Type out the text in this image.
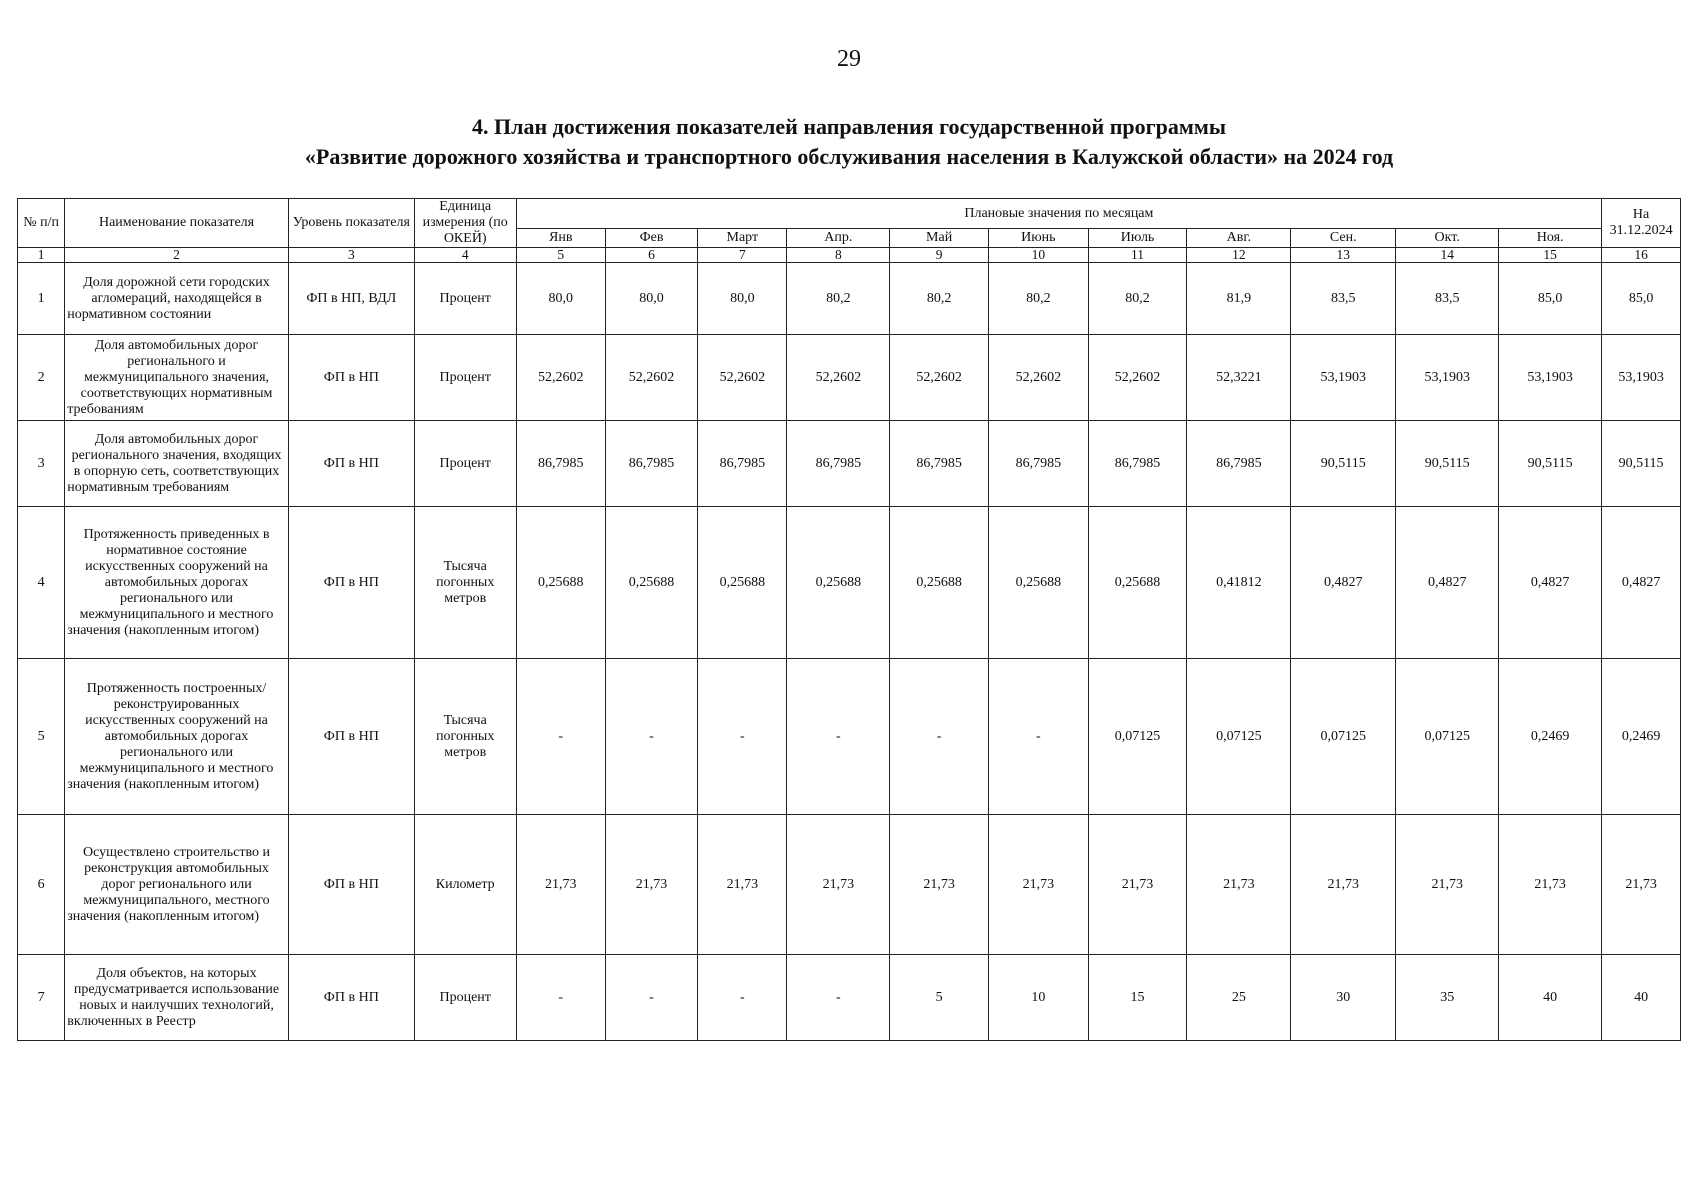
29
4. План достижения показателей направления государственной программы
«Развитие дорожного хозяйства и транспортного обслуживания населения в Калужской области» на 2024 год
№ п/п	Наименование показателя	Уровень показателя	Единица измерения (по ОКЕЙ)	Плановые значения по месяцам											На 31.12.2024
				Янв	Фев	Март	Апр.	Май	Июнь	Июль	Авг.	Сен.	Окт.	Ноя.	
1	2	3	4	5	6	7	8	9	10	11	12	13	14	15	16
1	Доля дорожной сети городских агломераций, находящейся в нормативном состоянии	ФП в НП, ВДЛ	Процент	80,0	80,0	80,0	80,2	80,2	80,2	80,2	81,9	83,5	83,5	85,0	85,0
2	Доля автомобильных дорог регионального и межмуниципального значения, соответствующих нормативным требованиям	ФП в НП	Процент	52,2602	52,2602	52,2602	52,2602	52,2602	52,2602	52,2602	52,3221	53,1903	53,1903	53,1903	53,1903
3	Доля автомобильных дорог регионального значения, входящих в опорную сеть, соответствующих нормативным требованиям	ФП в НП	Процент	86,7985	86,7985	86,7985	86,7985	86,7985	86,7985	86,7985	86,7985	90,5115	90,5115	90,5115	90,5115
4	Протяженность приведенных в нормативное состояние искусственных сооружений на автомобильных дорогах регионального или межмуниципального и местного значения (накопленным итогом)	ФП в НП	Тысяча погонных метров	0,25688	0,25688	0,25688	0,25688	0,25688	0,25688	0,25688	0,41812	0,4827	0,4827	0,4827	0,4827
5	Протяженность построенных/реконструированных искусственных сооружений на автомобильных дорогах регионального или межмуниципального и местного значения (накопленным итогом)	ФП в НП	Тысяча погонных метров	-	-	-	-	-	-	0,07125	0,07125	0,07125	0,07125	0,2469	0,2469
6	Осуществлено строительство и реконструкция автомобильных дорог регионального или межмуниципального, местного значения (накопленным итогом)	ФП в НП	Километр	21,73	21,73	21,73	21,73	21,73	21,73	21,73	21,73	21,73	21,73	21,73	21,73
7	Доля объектов, на которых предусматривается использование новых и наилучших технологий, включенных в Реестр	ФП в НП	Процент	-	-	-	-	5	10	15	25	30	35	40	40
